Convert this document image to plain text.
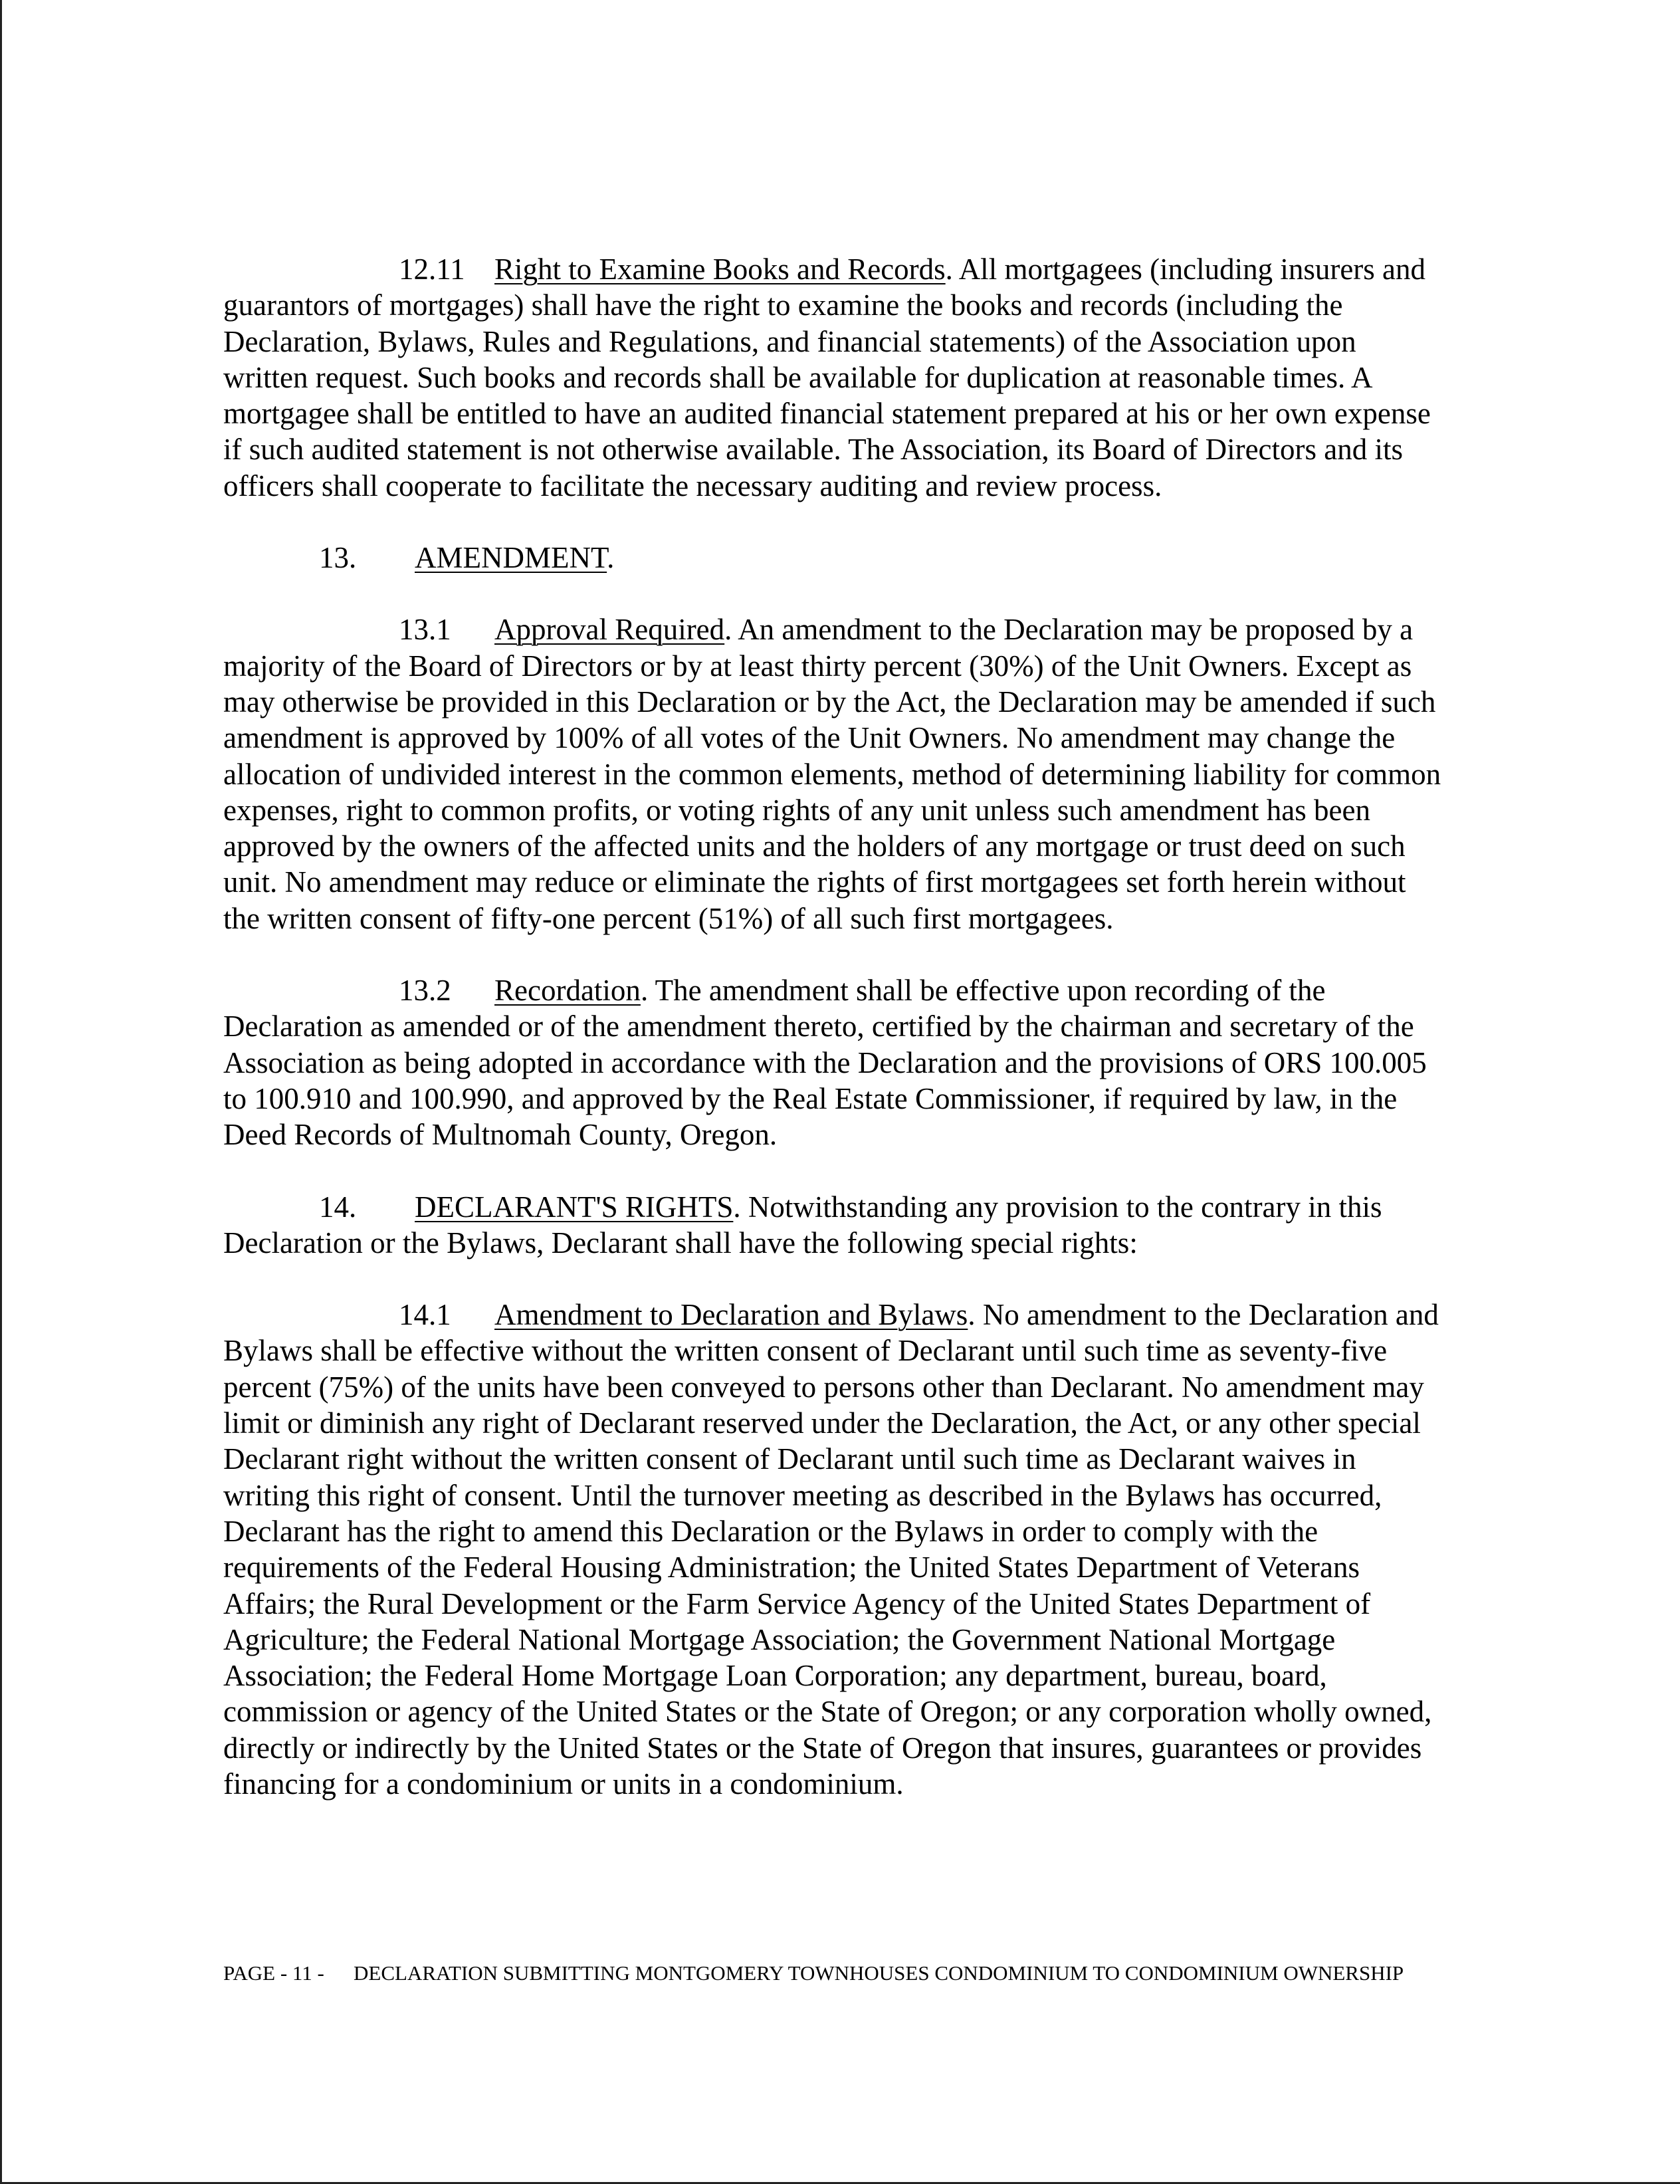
12.11 Right to Examine Books and Records. All mortgagees (including insurers and guarantors of mortgages) shall have the right to examine the books and records (including the Declaration, Bylaws, Rules and Regulations, and financial statements) of the Association upon written request. Such books and records shall be available for duplication at reasonable times. A mortgagee shall be entitled to have an audited financial statement prepared at his or her own expense if such audited statement is not otherwise available. The Association, its Board of Directors and its officers shall cooperate to facilitate the necessary auditing and review process.

13. AMENDMENT.

13.1 Approval Required. An amendment to the Declaration may be proposed by a majority of the Board of Directors or by at least thirty percent (30%) of the Unit Owners. Except as may otherwise be provided in this Declaration or by the Act, the Declaration may be amended if such amendment is approved by 100% of all votes of the Unit Owners. No amendment may change the allocation of undivided interest in the common elements, method of determining liability for common expenses, right to common profits, or voting rights of any unit unless such amendment has been approved by the owners of the affected units and the holders of any mortgage or trust deed on such unit. No amendment may reduce or eliminate the rights of first mortgagees set forth herein without the written consent of fifty-one percent (51%) of all such first mortgagees.

13.2 Recordation. The amendment shall be effective upon recording of the Declaration as amended or of the amendment thereto, certified by the chairman and secretary of the Association as being adopted in accordance with the Declaration and the provisions of ORS 100.005 to 100.910 and 100.990, and approved by the Real Estate Commissioner, if required by law, in the Deed Records of Multnomah County, Oregon.

14. DECLARANT'S RIGHTS. Notwithstanding any provision to the contrary in this Declaration or the Bylaws, Declarant shall have the following special rights:

14.1 Amendment to Declaration and Bylaws. No amendment to the Declaration and Bylaws shall be effective without the written consent of Declarant until such time as seventy-five percent (75%) of the units have been conveyed to persons other than Declarant. No amendment may limit or diminish any right of Declarant reserved under the Declaration, the Act, or any other special Declarant right without the written consent of Declarant until such time as Declarant waives in writing this right of consent. Until the turnover meeting as described in the Bylaws has occurred, Declarant has the right to amend this Declaration or the Bylaws in order to comply with the requirements of the Federal Housing Administration; the United States Department of Veterans Affairs; the Rural Development or the Farm Service Agency of the United States Department of Agriculture; the Federal National Mortgage Association; the Government National Mortgage Association; the Federal Home Mortgage Loan Corporation; any department, bureau, board, commission or agency of the United States or the State of Oregon; or any corporation wholly owned, directly or indirectly by the United States or the State of Oregon that insures, guarantees or provides financing for a condominium or units in a condominium.

PAGE - 11 -	DECLARATION SUBMITTING MONTGOMERY TOWNHOUSES CONDOMINIUM TO CONDOMINIUM OWNERSHIP
